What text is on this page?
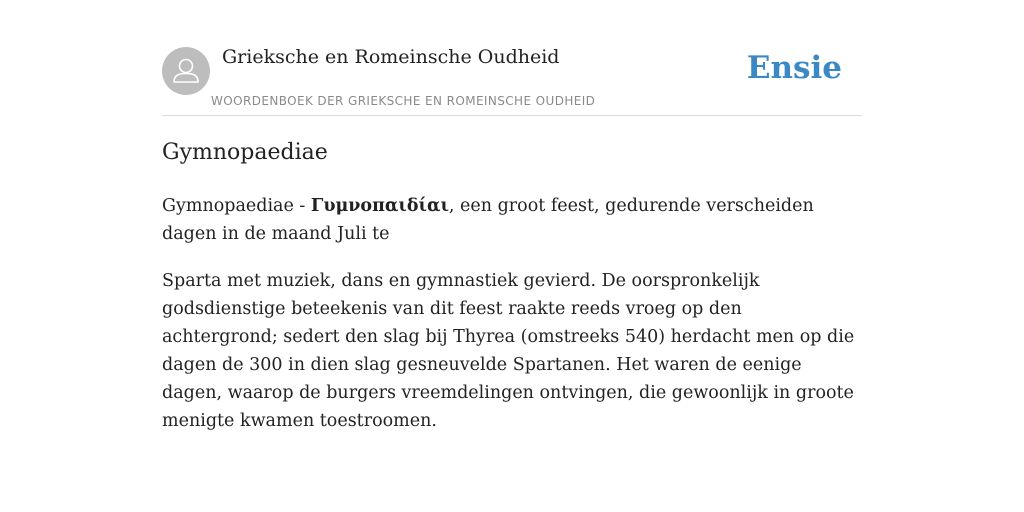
Grieksche en Romeinsche Oudheid
WOORDENBOEK DER GRIEKSCHE EN ROMEINSCHE OUDHEID
Ensie
Gymnopaediae

Gymnopaediae - Γυμνοπαιδίαι, een groot feest, gedurende verscheiden dagen in de maand Juli te

Sparta met muziek, dans en gymnastiek gevierd. De oorspronkelijk godsdienstige beteekenis van dit feest raakte reeds vroeg op den achtergrond; sedert den slag bij Thyrea (omstreeks 540) herdacht men op die dagen de 300 in dien slag gesneuvelde Spartanen. Het waren de eenige dagen, waarop de burgers vreemdelingen ontvingen, die gewoonlijk in groote menigte kwamen toestroomen.
